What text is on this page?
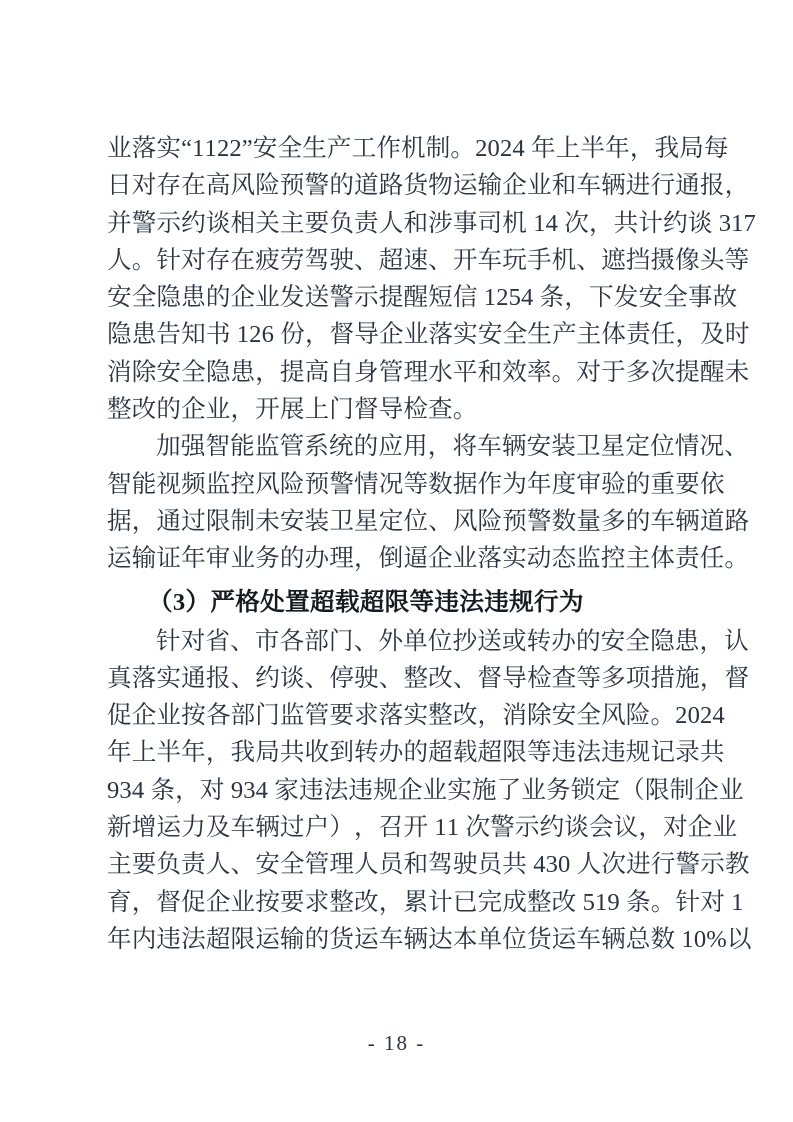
业 落 实 “ 1 1 2 2 ” 安 全 生 产 工 作 机 制 。 2 0 2 4
年 上 半 年 ， 我 局 每
日 对 存 在 高 风 险 预 警 的 道 路 货 物 运 输 企 业 和 车 辆 进 行 通 报 ，
并 警 示 约 谈 相 关 主 要 负 责 人 和 涉 事 司 机
1 4
次 ， 共 计 约 谈
3 1 7
人 。 针 对 存 在 疲 劳 驾 驶 、 超 速 、 开 车 玩 手 机 、 遮 挡 摄 像 头 等
安 全 隐 患 的 企 业 发 送 警 示 提 醒 短 信
1 2 5 4
条 ， 下 发 安 全 事 故
隐 患 告 知 书
1 2 6
份 ， 督 导 企 业 落 实 安 全 生 产 主 体 责 任 ， 及 时
消 除 安 全 隐 患 ， 提 高 自 身 管 理 水 平 和 效 率 。 对 于 多 次 提 醒 未
整改的企业，开展上门督导检查。
加 强 智 能 监 管 系 统 的 应 用 ， 将 车 辆 安 装 卫 星 定 位 情 况 、
智 能 视 频 监 控 风 险 预 警 情 况 等 数 据 作 为 年 度 审 验 的 重 要 依
据 ， 通 过 限 制 未 安 装 卫 星 定 位 、 风 险 预 警 数 量 多 的 车 辆 道 路
运输证年审业务的办理，倒逼企业落实动态监控主体责任。
（3）严格处置超载超限等违法违规行为
针 对 省 、 市 各 部 门 、 外 单 位 抄 送 或 转 办 的 安 全 隐 患 ， 认
真 落 实 通 报 、 约 谈 、 停 驶 、 整 改 、 督 导 检 查 等 多 项 措 施 ， 督
促 企 业 按 各 部 门 监 管 要 求 落 实 整 改 ， 消 除 安 全 风 险 。 2 0 2 4
年 上 半 年 ， 我 局 共 收 到 转 办 的 超 载 超 限 等 违 法 违 规 记 录 共
9 3 4
条 ， 对
9 3 4
家 违 法 违 规 企 业 实 施 了 业 务 锁 定 （ 限 制 企 业
新 增 运 力 及 车 辆 过 户 ） ， 召 开
1 1
次 警 示 约 谈 会 议 ， 对 企 业
主 要 负 责 人 、 安 全 管 理 人 员 和 驾 驶 员 共
4 3 0
人 次 进 行 警 示 教
育 ， 督 促 企 业 按 要 求 整 改 ， 累 计 已 完 成 整 改
5 1 9
条 。 针 对
1
年 内 违 法 超 限 运 输 的 货 运 车 辆 达 本 单 位 货 运 车 辆 总 数
1 0 % 以
- 18 -
